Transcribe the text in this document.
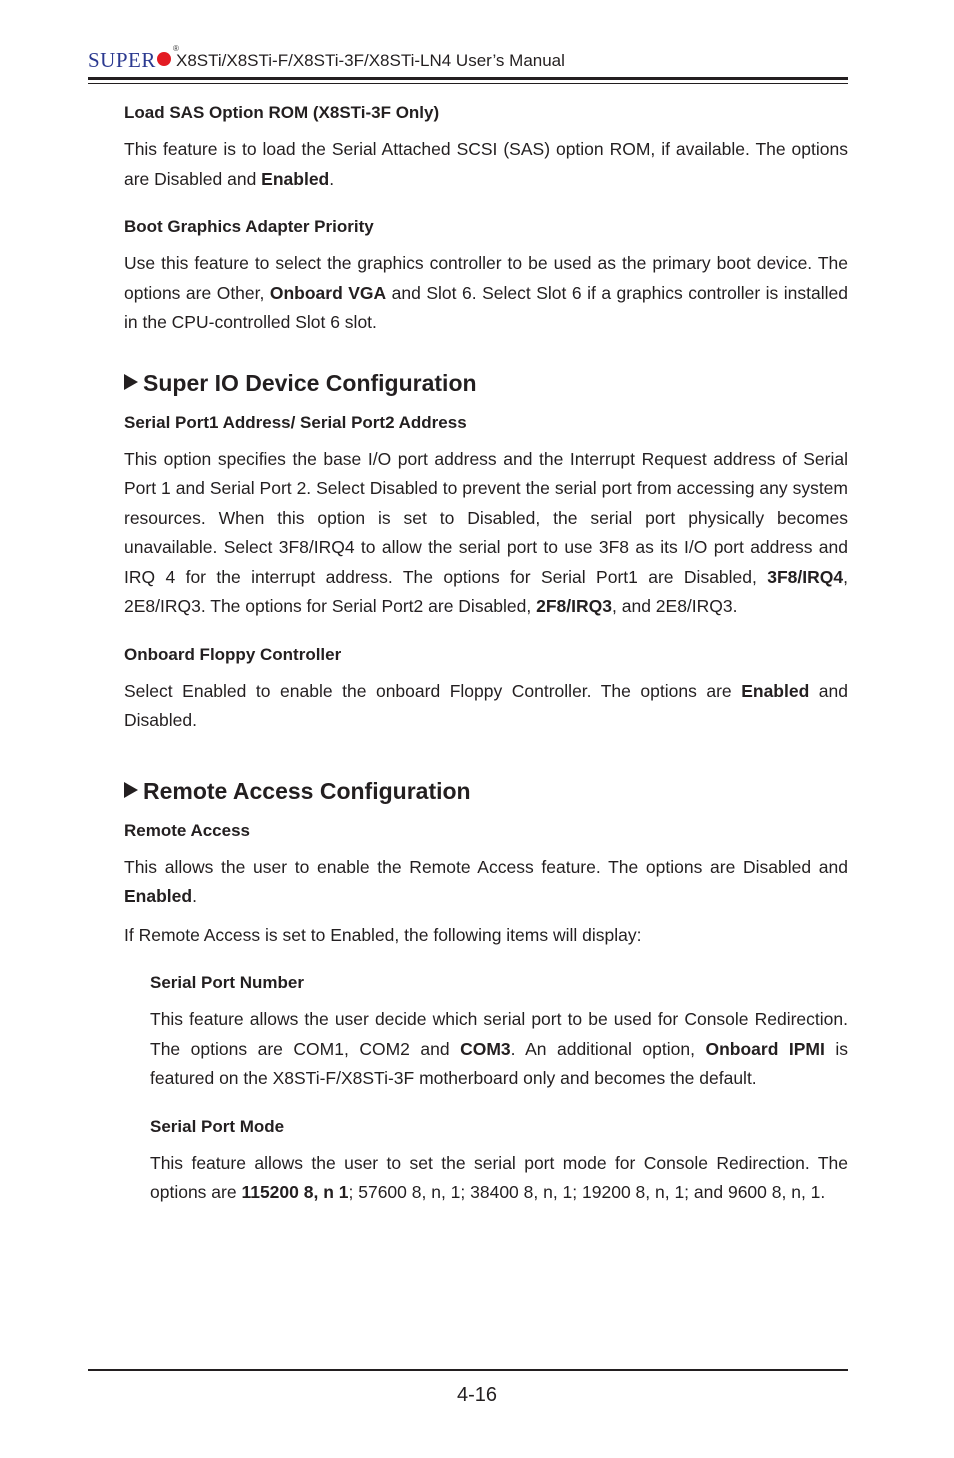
SUPER	®
X8STi/X8STi-F/X8STi-3F/X8STi-LN4 User’s Manual
Load SAS Option ROM (X8STi-3F Only)

This feature is to load the Serial Attached SCSI (SAS) option ROM, if available. The options are Disabled and Enabled.

Boot Graphics Adapter Priority

Use this feature to select the graphics controller to be used as the primary boot device. The options are Other, Onboard VGA and Slot 6. Select Slot 6 if a graphics controller is installed in the CPU-controlled Slot 6 slot.

Super IO Device Configuration
Serial Port1 Address/ Serial Port2 Address

This option specifies the base I/O port address and the Interrupt Request address of Serial Port 1 and Serial Port 2. Select Disabled to prevent the serial port from accessing any system resources. When this option is set to Disabled, the serial port physically becomes unavailable. Select 3F8/IRQ4 to allow the serial port to use 3F8 as its I/O port address and IRQ 4 for the interrupt address. The options for Serial Port1 are Disabled, 3F8/IRQ4, 2E8/IRQ3. The options for Serial Port2 are Disabled, 2F8/IRQ3, and 2E8/IRQ3.

Onboard Floppy Controller

Select Enabled to enable the onboard Floppy Controller. The options are Enabled and Disabled.

Remote Access Configuration
Remote Access

This allows the user to enable the Remote Access feature. The options are Disabled and Enabled.

If Remote Access is set to Enabled, the following items will display:

Serial Port Number

This feature allows the user decide which serial port to be used for Console Redirection. The options are COM1, COM2 and COM3. An additional option, Onboard IPMI is featured on the X8STi-F/X8STi-3F motherboard only and becomes the default.

Serial Port Mode

This feature allows the user to set the serial port mode for Console Redirection. The options are 115200 8, n 1; 57600 8, n, 1; 38400 8, n, 1; 19200 8, n, 1; and 9600 8, n, 1.

4-16
